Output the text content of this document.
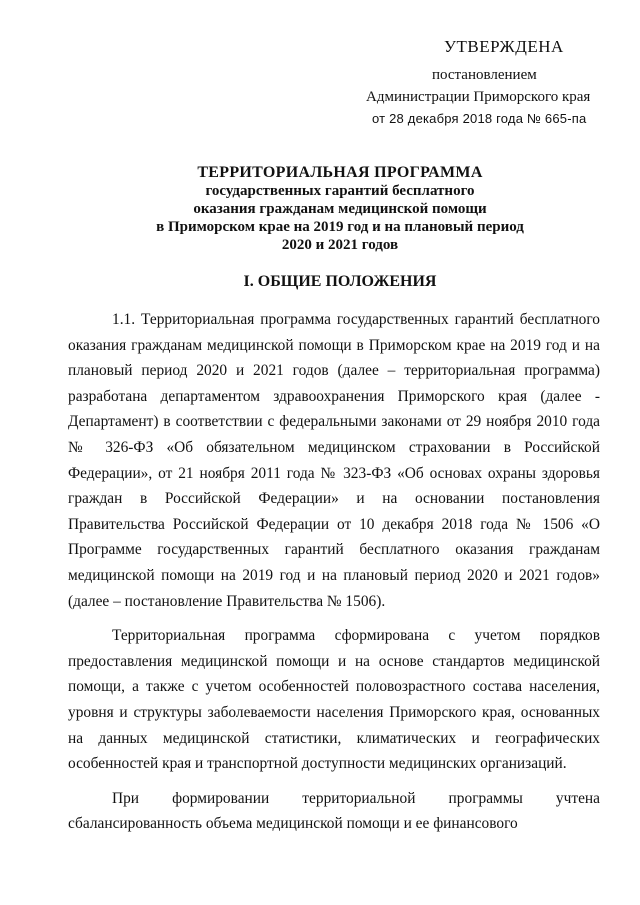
УТВЕРЖДЕНА
постановлением
Администрации Приморского края
от 28 декабря 2018 года № 665-па
ТЕРРИТОРИАЛЬНАЯ ПРОГРАММА
государственных гарантий бесплатного
оказания гражданам медицинской помощи
в Приморском крае на 2019 год и на плановый период
2020 и 2021 годов
I. ОБЩИЕ ПОЛОЖЕНИЯ

1.1. Территориальная программа государственных гарантий бесплатного оказания гражданам медицинской помощи в Приморском крае на 2019 год и на плановый период 2020 и 2021 годов (далее – территориальная программа) разработана департаментом здравоохранения Приморского края (далее - Департамент) в соответствии с федеральными законами от 29 ноября 2010 года № 326-ФЗ «Об обязательном медицинском страховании в Российской Федерации», от 21 ноября 2011 года № 323-ФЗ «Об основах охраны здоровья граждан в Российской Федерации» и на основании постановления Правительства Российской Федерации от 10 декабря 2018 года № 1506 «О Программе государственных гарантий бесплатного оказания гражданам медицинской помощи на 2019 год и на плановый период 2020 и 2021 годов» (далее – постановление Правительства № 1506).

Территориальная программа сформирована с учетом порядков предоставления медицинской помощи и на основе стандартов медицинской помощи, а также с учетом особенностей половозрастного состава населения, уровня и структуры заболеваемости населения Приморского края, основанных на данных медицинской статистики, климатических и географических особенностей края и транспортной доступности медицинских организаций.

При формировании территориальной программы учтена сбалансированность объема медицинской помощи и ее финансового
